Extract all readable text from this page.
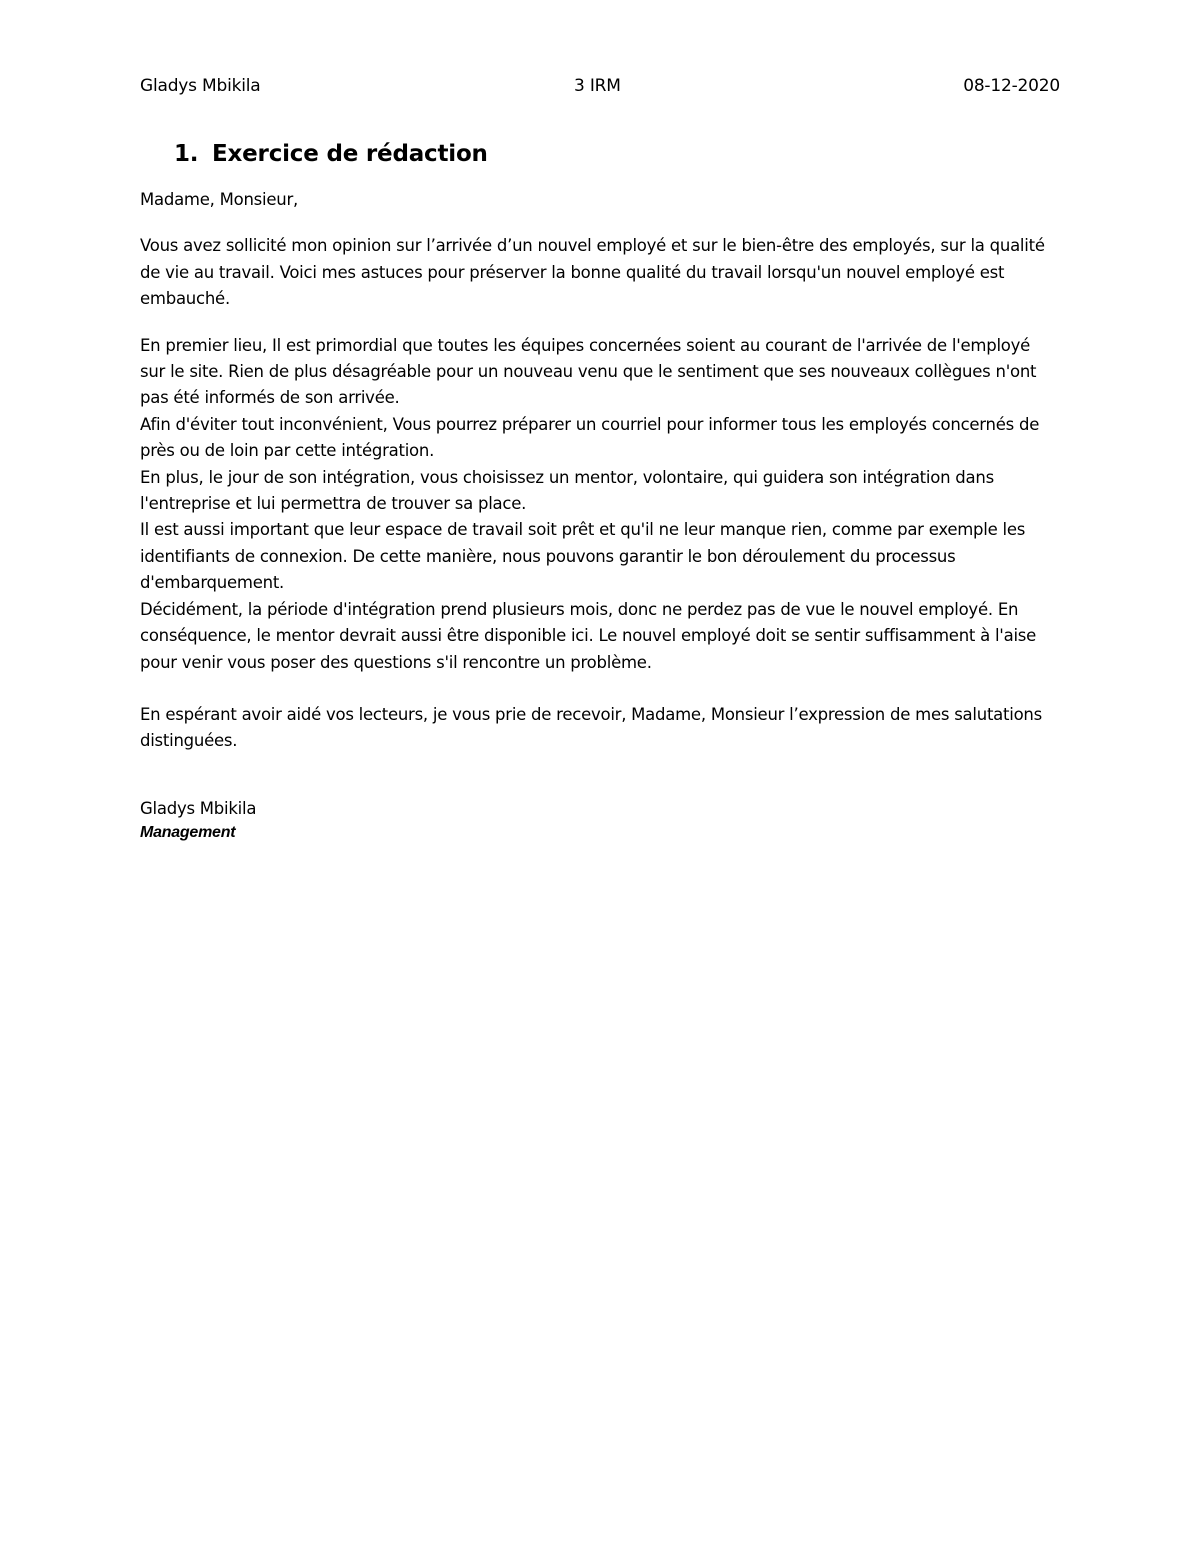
Gladys Mbikila	3 IRM	08-12-2020
1. Exercice de rédaction

Madame, Monsieur,

Vous avez sollicité mon opinion sur l’arrivée d’un nouvel employé et sur le bien-être des employés, sur la qualité de vie au travail. Voici mes astuces pour préserver la bonne qualité du travail lorsqu'un nouvel employé est embauché.

En premier lieu, Il est primordial que toutes les équipes concernées soient au courant de l'arrivée de l'employé sur le site. Rien de plus désagréable pour un nouveau venu que le sentiment que ses nouveaux collègues n'ont pas été informés de son arrivée.

Afin d'éviter tout inconvénient, Vous pourrez préparer un courriel pour informer tous les employés concernés de près ou de loin par cette intégration.

En plus, le jour de son intégration, vous choisissez un mentor, volontaire, qui guidera son intégration dans l'entreprise et lui permettra de trouver sa place.

Il est aussi important que leur espace de travail soit prêt et qu'il ne leur manque rien, comme par exemple les identifiants de connexion. De cette manière, nous pouvons garantir le bon déroulement du processus d'embarquement.

Décidément, la période d'intégration prend plusieurs mois, donc ne perdez pas de vue le nouvel employé. En conséquence, le mentor devrait aussi être disponible ici. Le nouvel employé doit se sentir suffisamment à l'aise pour venir vous poser des questions s'il rencontre un problème.

En espérant avoir aidé vos lecteurs, je vous prie de recevoir, Madame, Monsieur l’expression de mes salutations distinguées.

Gladys Mbikila
Management
